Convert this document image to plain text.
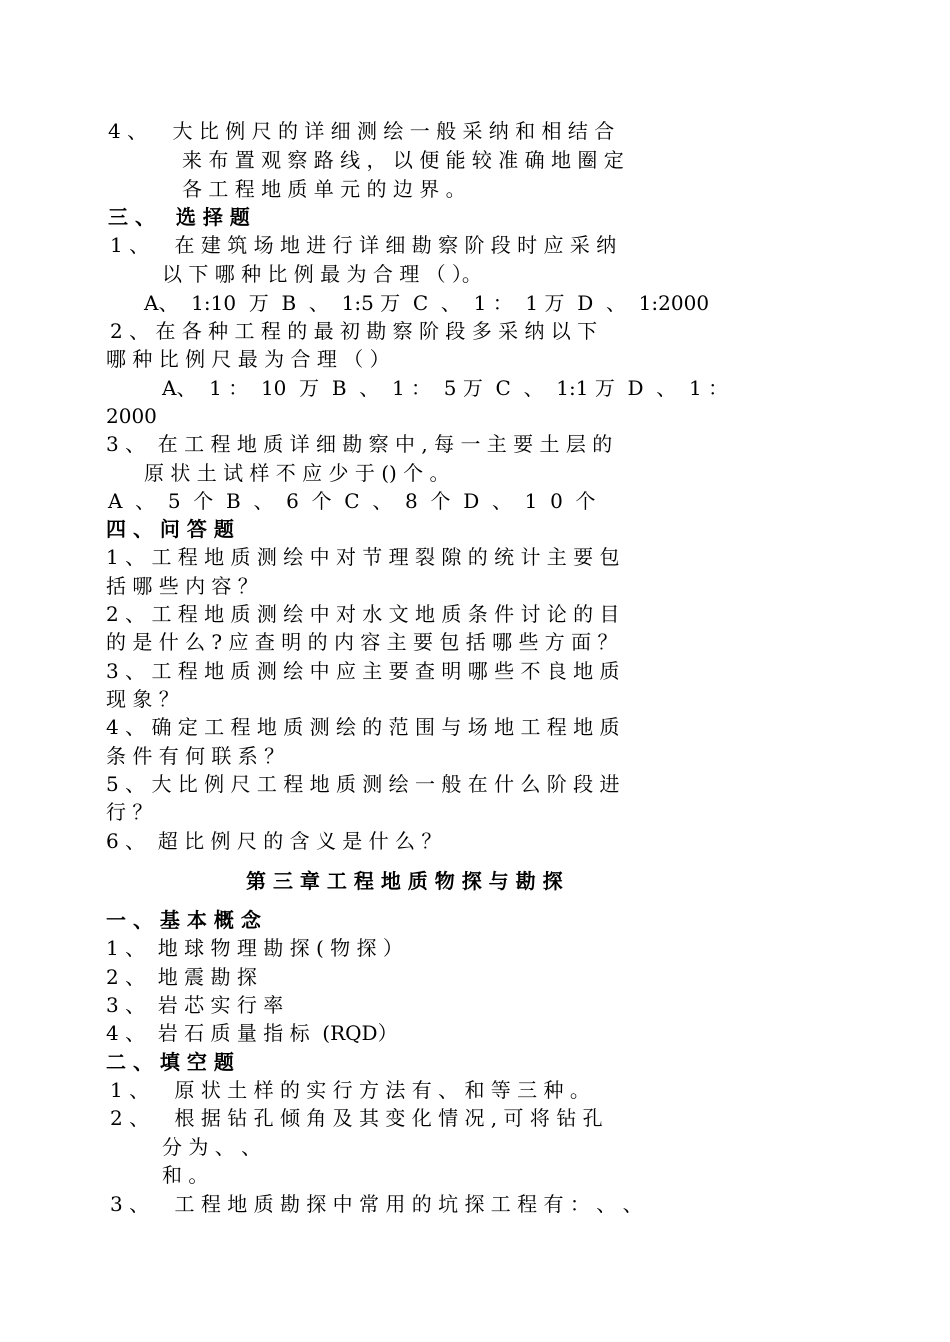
4 、    大 比 例 尺 的 详 细 测 绘 一 般 采 纳 和 相 结 合
来 布 置 观 察 路 线 ， 以 便 能 较 准 确 地 圈 定
各 工 程 地 质 单 元 的 边 界 。
三 、   选 择 题
1 、    在 建 筑 场 地 进 行 详 细 勘 察 阶 段 时 应 采 纳
以 下 哪 种 比 例 最 为 合 理 （ ）。
A、  1:10  万  B  、  1:5 万  C  、  1 ：  1 万  D  、  1:2000
2 、 在 各 种 工 程 的 最 初 勘 察 阶 段 多 采 纳 以 下
哪 种 比 例 尺 最 为 合 理 （ ）
A、  1 ：  10  万  B  、  1 ：  5 万  C  、  1:1 万  D  、  1 ：
2000
3 、  在 工 程 地 质 详 细 勘 察 中 , 每 一 主 要 土 层 的
原 状 土 试 样 不 应 少 于 () 个 。
A  、  5  个  B  、  6  个  C  、  8  个  D  、  1  0  个
四 、 问 答 题
1 、 工 程 地 质 测 绘 中 对 节 理 裂 隙 的 统 计 主 要 包
括 哪 些 内 容 ？
2 、 工 程 地 质 测 绘 中 对 水 文 地 质 条 件 讨 论 的 目
的 是 什 么 ? 应 查 明 的 内 容 主 要 包 括 哪 些 方 面 ？
3 、 工 程 地 质 测 绘 中 应 主 要 查 明 哪 些 不 良 地 质
现 象 ？
4 、 确 定 工 程 地 质 测 绘 的 范 围 与 场 地 工 程 地 质
条 件 有 何 联 系 ？
5 、 大 比 例 尺 工 程 地 质 测 绘 一 般 在 什 么 阶 段 进
行 ？
6 、  超 比 例 尺 的 含 义 是 什 么 ？
第 三 章 工 程 地 质 物 探 与 勘 探
一 、 基 本 概 念
1 、  地 球 物 理 勘 探 ( 物 探 ）
2 、  地 震 勘 探
3 、  岩 芯 实 行 率
4 、  岩 石 质 量 指 标  (RQD）
二 、 填 空 题
1 、    原 状 土 样 的 实 行 方 法 有 、 和 等 三 种 。
2 、    根 据 钻 孔 倾 角 及 其 变 化 情 况 , 可 将 钻 孔
分 为 、 、
和 。
3 、    工 程 地 质 勘 探 中 常 用 的 坑 探 工 程 有 ： 、 、
